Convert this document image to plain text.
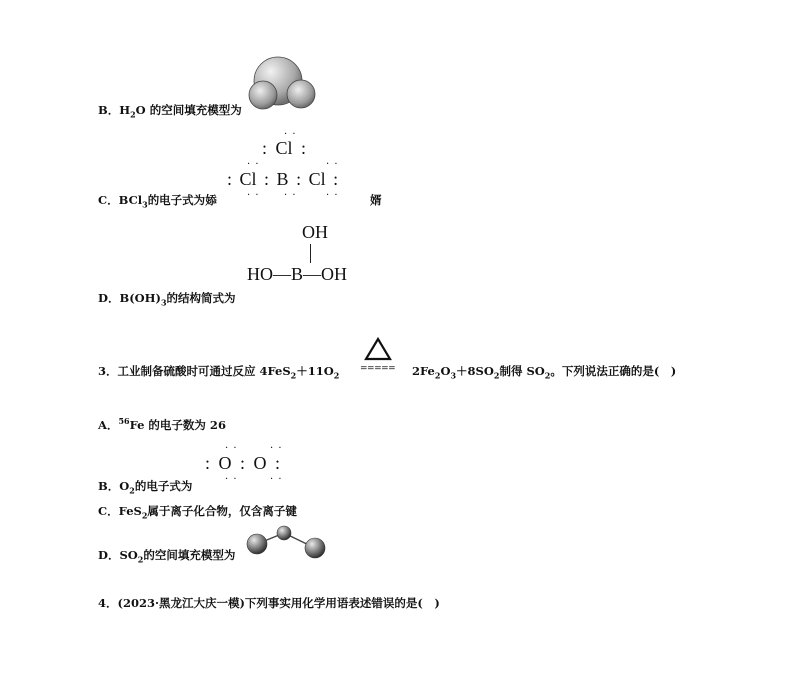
B．$H_2O$ 的空间填充模型为
C．BCl$_3$的电子式为婖	婿
· ·
: Cl :
· ·	· ·
: Cl : B : Cl :
· · · ·	· ·
D．$B(OH)_3$的结构简式为
OH
HO—B—OH
3．工业制备硫酸时可通过反应 $4FeS_2+11O_2$
===== $2Fe_2O_3+8SO_2$制得 $SO_2$。下列说法正确的是(　)
A．$^{56}$Fe 的电子数为 26
· ·	· ·
: O : O :
· ·	· ·
B．$O_2$的电子式为
C．FeS$_2$属于离子化合物，仅含离子键
D．$SO_2$的空间填充模型为
4．(2023·黑龙江大庆一模)下列事实用化学用语表述错误的是(　)
